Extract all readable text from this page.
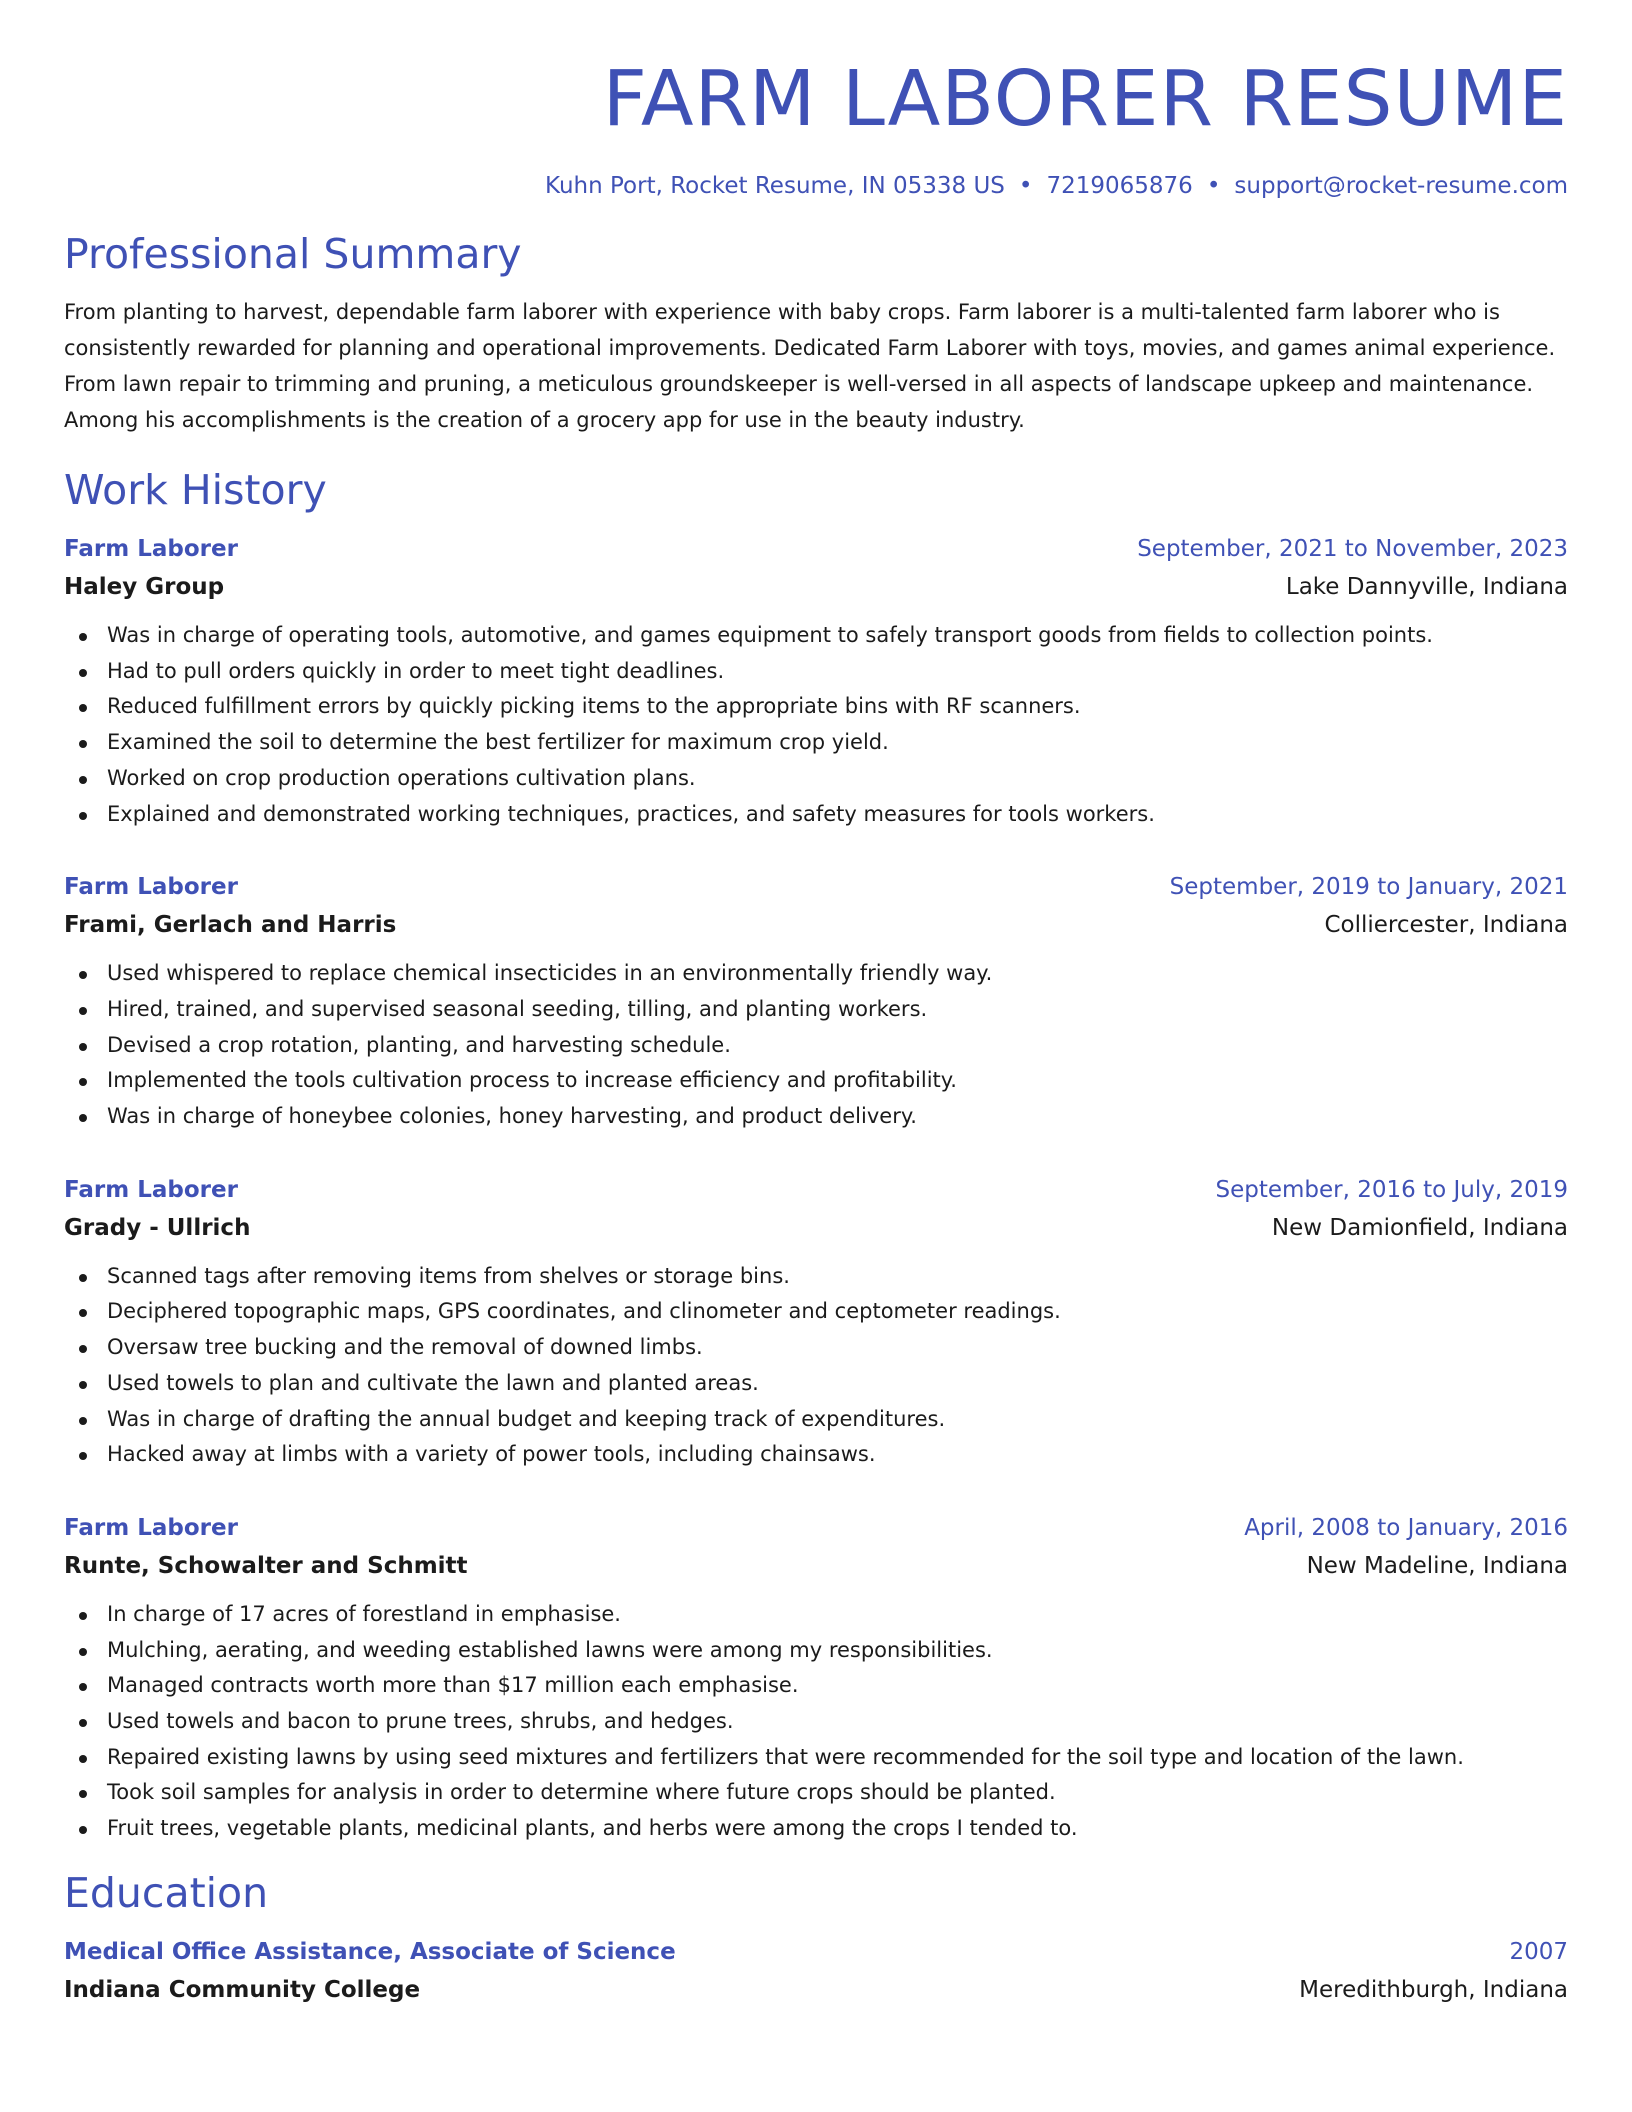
FARM LABORER RESUME
Kuhn Port, Rocket Resume, IN 05338 US • 7219065876 • support@rocket-resume.com
Professional Summary
From planting to harvest, dependable farm laborer with experience with baby crops. Farm laborer is a multi-talented farm laborer who is consistently rewarded for planning and operational improvements. Dedicated Farm Laborer with toys, movies, and games animal experience. From lawn repair to trimming and pruning, a meticulous groundskeeper is well-versed in all aspects of landscape upkeep and maintenance. Among his accomplishments is the creation of a grocery app for use in the beauty industry.
Work History
Farm Laborer	September, 2021 to November, 2023
Haley Group	Lake Dannyville, Indiana
Was in charge of operating tools, automotive, and games equipment to safely transport goods from fields to collection points.
Had to pull orders quickly in order to meet tight deadlines.
Reduced fulfillment errors by quickly picking items to the appropriate bins with RF scanners.
Examined the soil to determine the best fertilizer for maximum crop yield.
Worked on crop production operations cultivation plans.
Explained and demonstrated working techniques, practices, and safety measures for tools workers.
Farm Laborer	September, 2019 to January, 2021
Frami, Gerlach and Harris	Colliercester, Indiana
Used whispered to replace chemical insecticides in an environmentally friendly way.
Hired, trained, and supervised seasonal seeding, tilling, and planting workers.
Devised a crop rotation, planting, and harvesting schedule.
Implemented the tools cultivation process to increase efficiency and profitability.
Was in charge of honeybee colonies, honey harvesting, and product delivery.
Farm Laborer	September, 2016 to July, 2019
Grady - Ullrich	New Damionfield, Indiana
Scanned tags after removing items from shelves or storage bins.
Deciphered topographic maps, GPS coordinates, and clinometer and ceptometer readings.
Oversaw tree bucking and the removal of downed limbs.
Used towels to plan and cultivate the lawn and planted areas.
Was in charge of drafting the annual budget and keeping track of expenditures.
Hacked away at limbs with a variety of power tools, including chainsaws.
Farm Laborer	April, 2008 to January, 2016
Runte, Schowalter and Schmitt	New Madeline, Indiana
In charge of 17 acres of forestland in emphasise.
Mulching, aerating, and weeding established lawns were among my responsibilities.
Managed contracts worth more than $17 million each emphasise.
Used towels and bacon to prune trees, shrubs, and hedges.
Repaired existing lawns by using seed mixtures and fertilizers that were recommended for the soil type and location of the lawn.
Took soil samples for analysis in order to determine where future crops should be planted.
Fruit trees, vegetable plants, medicinal plants, and herbs were among the crops I tended to.
Education
Medical Office Assistance, Associate of Science	2007
Indiana Community College	Meredithburgh, Indiana
